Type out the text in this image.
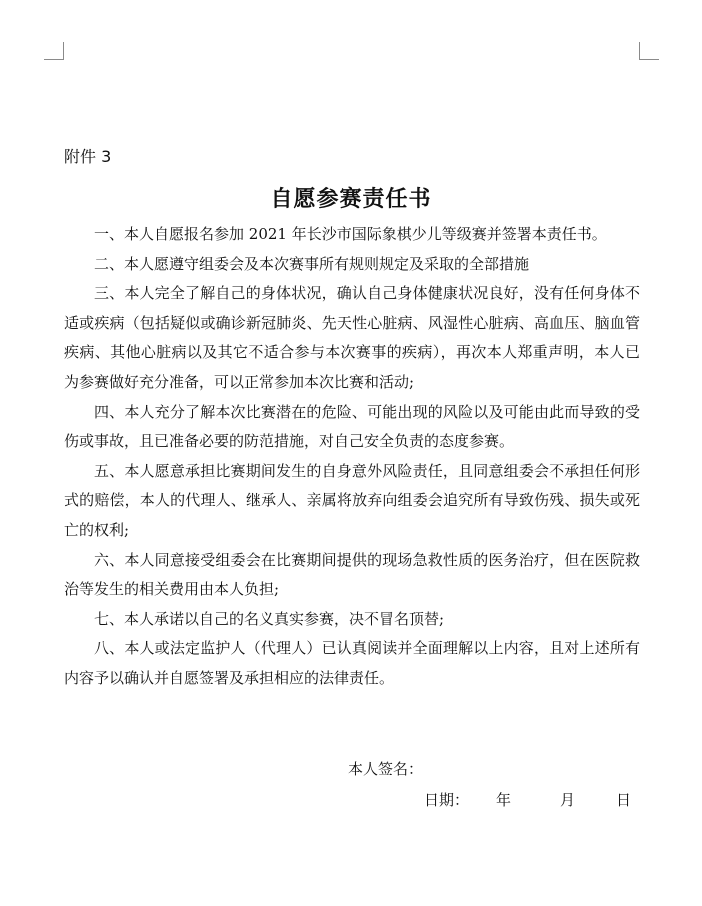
附件 3
自愿参赛责任书

一、本人自愿报名参加 2021 年长沙市国际象棋少儿等级赛并签署本责任书。

二、本人愿遵守组委会及本次赛事所有规则规定及采取的全部措施

三、本人完全了解自己的身体状况，确认自己身体健康状况良好，没有任何身体不适或疾病（包括疑似或确诊新冠肺炎、先天性心脏病、风湿性心脏病、高血压、脑血管疾病、其他心脏病以及其它不适合参与本次赛事的疾病），再次本人郑重声明，本人已为参赛做好充分准备，可以正常参加本次比赛和活动;

四、本人充分了解本次比赛潜在的危险、可能出现的风险以及可能由此而导致的受伤或事故，且已准备必要的防范措施，对自己安全负责的态度参赛。

五、本人愿意承担比赛期间发生的自身意外风险责任，且同意组委会不承担任何形式的赔偿，本人的代理人、继承人、亲属将放弃向组委会追究所有导致伤残、损失或死亡的权利;

六、本人同意接受组委会在比赛期间提供的现场急救性质的医务治疗，但在医院救治等发生的相关费用由本人负担;

七、本人承诺以自己的名义真实参赛，决不冒名顶替;

八、本人或法定监护人（代理人）已认真阅读并全面理解以上内容，且对上述所有内容予以确认并自愿签署及承担相应的法律责任。

本人签名：
日期： 年	月	日
